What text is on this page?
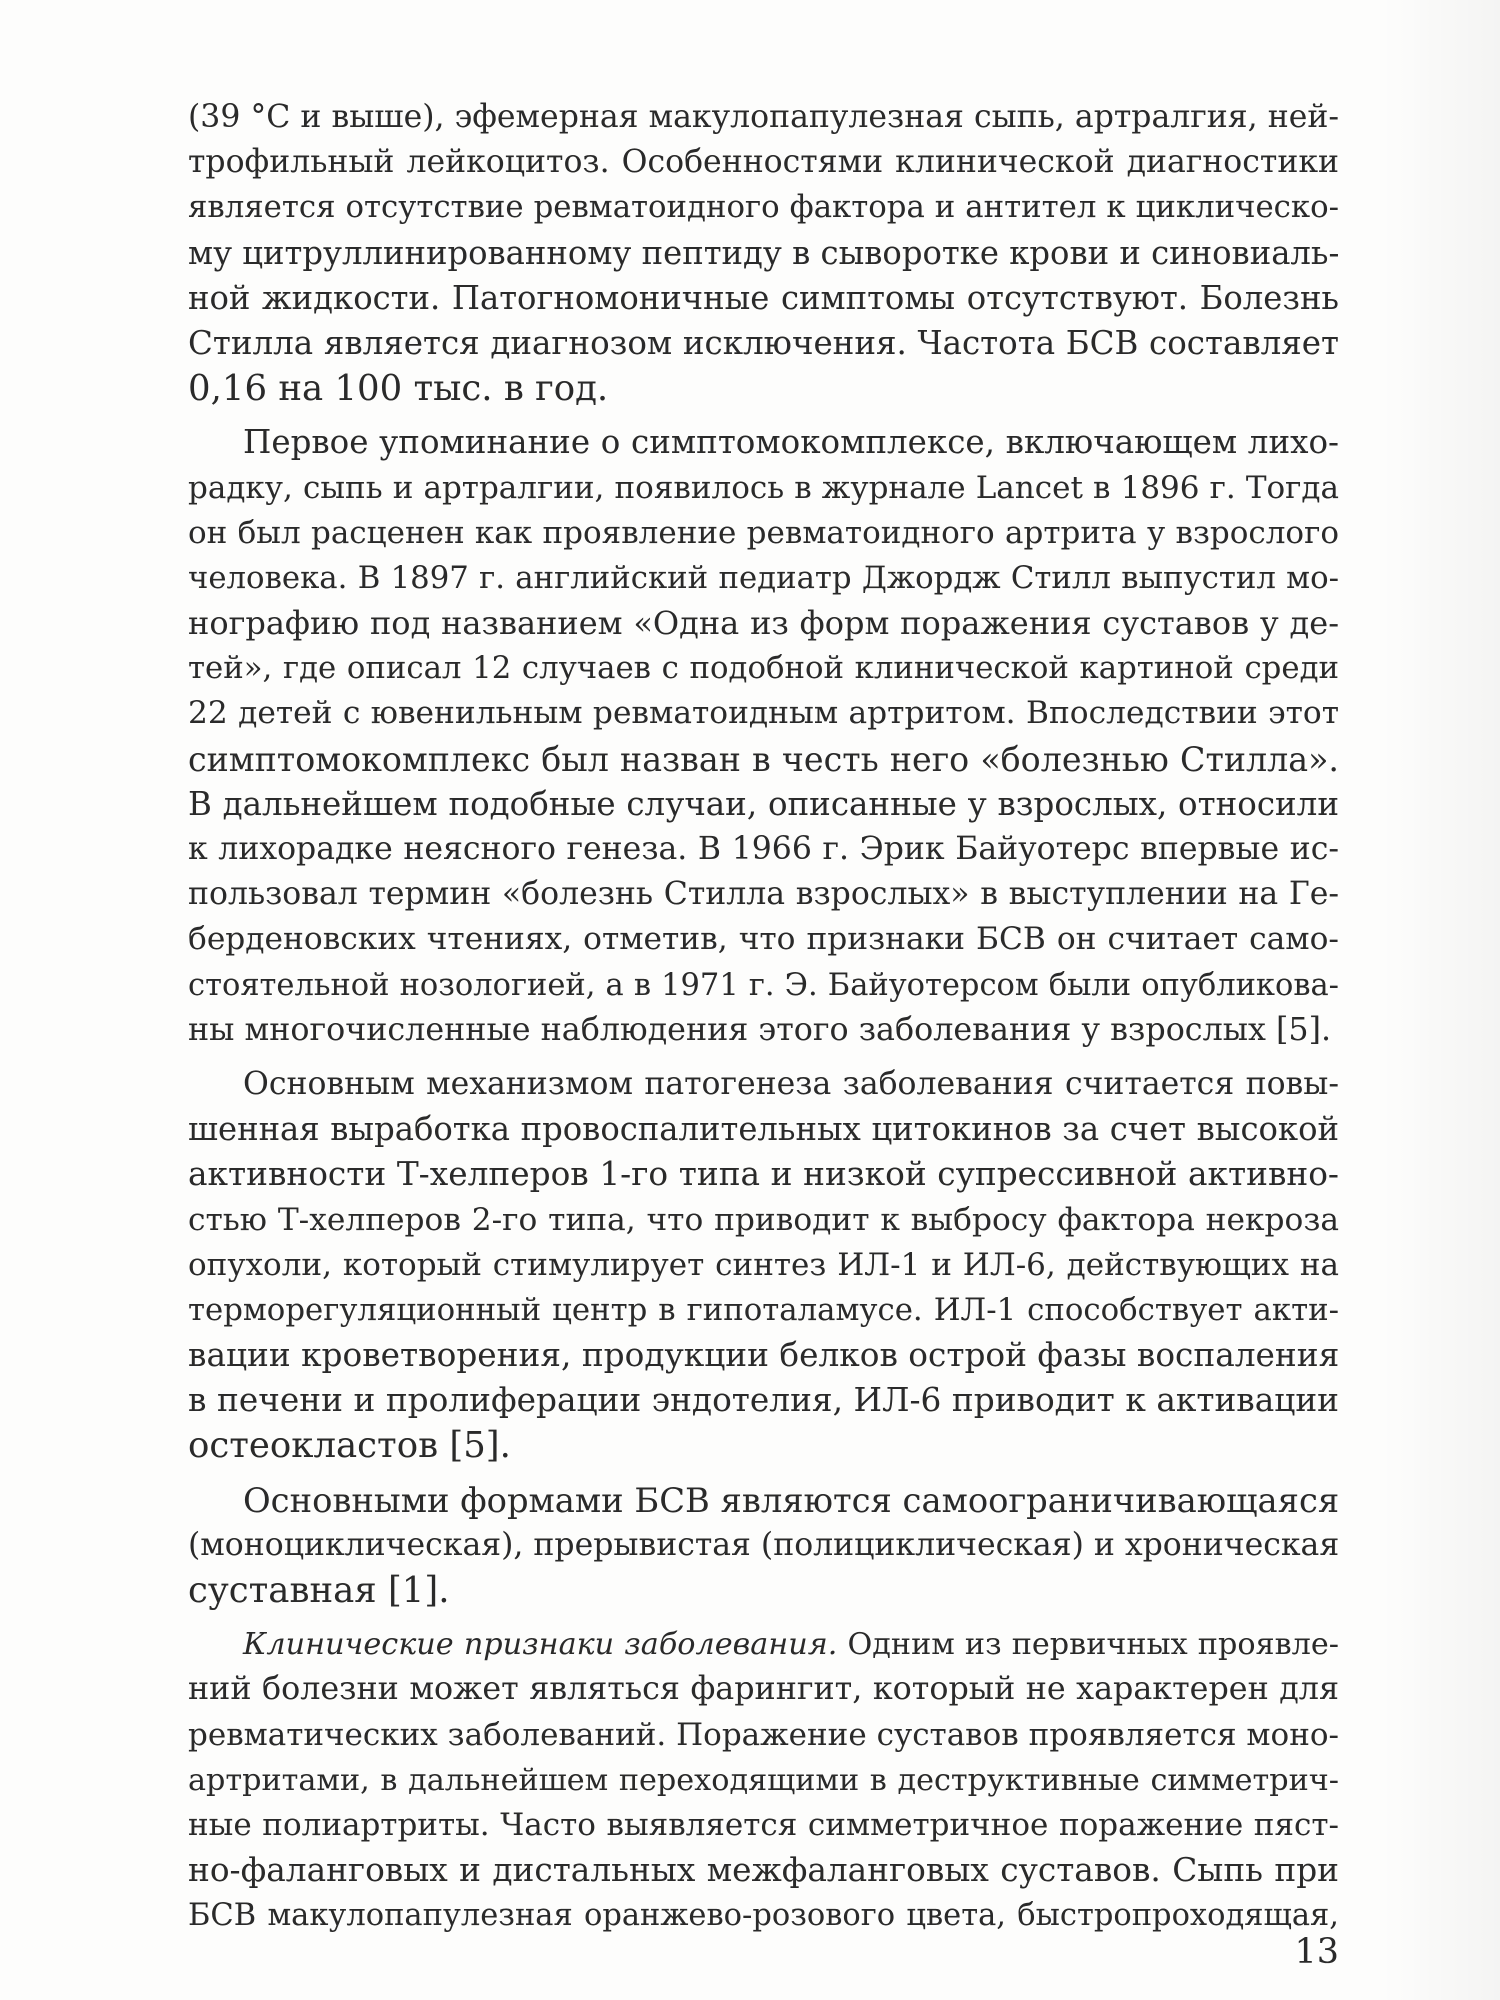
(39 °С и выше), эфемерная макулопапулезная сыпь, артралгия, ней-
трофильный лейкоцитоз. Особенностями клинической диагностики
является отсутствие ревматоидного фактора и антител к циклическо-
му цитруллинированному пептиду в сыворотке крови и синовиаль-
ной жидкости. Патогномоничные симптомы отсутствуют. Болезнь
Стилла является диагнозом исключения. Частота БСВ составляет
0,16 на 100 тыс. в год.
Первое упоминание о симптомокомплексе, включающем лихо-
радку, сыпь и артралгии, появилось в журнале Lancet в 1896 г. Тогда
он был расценен как проявление ревматоидного артрита у взрослого
человека. В 1897 г. английский педиатр Джордж Стилл выпустил мо-
нографию под названием «Одна из форм поражения суставов у де-
тей», где описал 12 случаев с подобной клинической картиной среди
22 детей с ювенильным ревматоидным артритом. Впоследствии этот
симптомокомплекс был назван в честь него «болезнью Стилла».
В дальнейшем подобные случаи, описанные у взрослых, относили
к лихорадке неясного генеза. В 1966 г. Эрик Байуотерс впервые ис-
пользовал термин «болезнь Стилла взрослых» в выступлении на Ге-
берденовских чтениях, отметив, что признаки БСВ он считает само-
стоятельной нозологией, а в 1971 г. Э. Байуотерсом были опубликова-
ны многочисленные наблюдения этого заболевания у взрослых [5].
Основным механизмом патогенеза заболевания считается повы-
шенная выработка провоспалительных цитокинов за счет высокой
активности Т-хелперов 1-го типа и низкой супрессивной активно-
стью Т-хелперов 2-го типа, что приводит к выбросу фактора некроза
опухоли, который стимулирует синтез ИЛ-1 и ИЛ-6, действующих на
терморегуляционный центр в гипоталамусе. ИЛ-1 способствует акти-
вации кроветворения, продукции белков острой фазы воспаления
в печени и пролиферации эндотелия, ИЛ-6 приводит к активации
остеокластов [5].
Основными формами БСВ являются самоограничивающаяся
(моноциклическая), прерывистая (полициклическая) и хроническая
суставная [1].
Клинические признаки заболевания. Одним из первичных проявле-
ний болезни может являться фарингит, который не характерен для
ревматических заболеваний. Поражение суставов проявляется моно-
артритами, в дальнейшем переходящими в деструктивные симметрич-
ные полиартриты. Часто выявляется симметричное поражение пяст-
но-фаланговых и дистальных межфаланговых суставов. Сыпь при
БСВ макулопапулезная оранжево-розового цвета, быстропроходящая,
13
